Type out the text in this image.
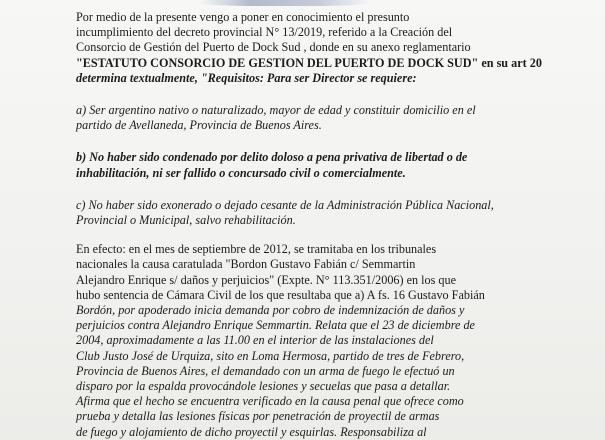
Por medio de la presente vengo a poner en conocimiento el presunto
incumplimiento del decreto provincial N° 13/2019, referido a la Creación del
Consorcio de Gestión del Puerto de Dock Sud , donde en su anexo reglamentario
"ESTATUTO CONSORCIO DE GESTION DEL PUERTO DE DOCK SUD" en su art 20
determina textualmente, "Requisitos: Para ser Director se requiere:
a) Ser argentino nativo o naturalizado, mayor de edad y constituir domicilio en el
partido de Avellaneda, Provincia de Buenos Aires.
b) No haber sido condenado por delito doloso a pena privativa de libertad o de
inhabilitación, ni ser fallido o concursado civil o comercialmente.
c) No haber sido exonerado o dejado cesante de la Administración Pública Nacional,
Provincial o Municipal, salvo rehabilitación.
En efecto: en el mes de septiembre de 2012, se tramitaba en los tribunales
nacionales la causa caratulada "Bordon Gustavo Fabián c/ Semmartin
Alejandro Enrique s/ daños y perjuicios" (Expte. N° 113.351/2006) en los que
hubo sentencia de Cámara Civil de los que resultaba que a) A fs. 16 Gustavo Fabián
Bordón, por apoderado inicia demanda por cobro de indemnización de daños y
perjuicios contra Alejandro Enrique Semmartin. Relata que el 23 de diciembre de
2004, aproximadamente a las 11.00 en el interior de las instalaciones del
Club Justo José de Urquiza, sito en Loma Hermosa, partido de tres de Febrero,
Provincia de Buenos Aires, el demandado con un arma de fuego le efectuó un
disparo por la espalda provocándole lesiones y secuelas que pasa a detallar.
Afirma que el hecho se encuentra verificado en la causa penal que ofrece como
prueba y detalla las lesiones físicas por penetración de proyectil de armas
de fuego y alojamiento de dicho proyectil y esquirlas. Responsabiliza al
